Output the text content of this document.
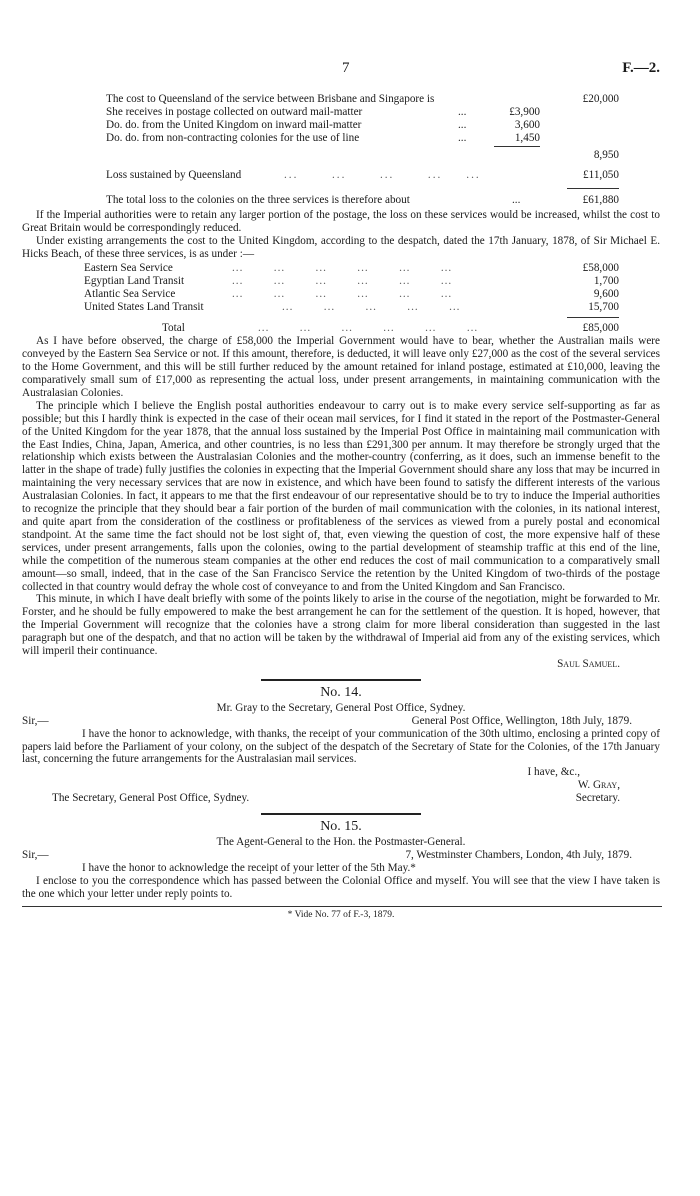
7	F.—2.
The cost to Queensland of the service between Brisbane and Singapore is	£20,000
She receives in postage collected on outward mail-matter	...	£3,900
Do. do. from the United Kingdom on inward mail-matter	...	3,600
Do. do. from non-contracting colonies for the use of line	...	1,450
8,950
Loss sustained by Queensland	...       ...       ...       ...     ...	£11,050
The total loss to the colonies on the three services is therefore about	...	£61,880

If the Imperial authorities were to retain any larger portion of the postage, the loss on these services would be increased, whilst the cost to Great Britain would be correspondingly reduced.

Under existing arrangements the cost to the United Kingdom, according to the despatch, dated the 17th January, 1878, of Sir Michael E. Hicks Beach, of these three services, is as under :—

Eastern Sea Service	...        ...        ...        ...        ...        ...	£58,000
Egyptian Land Transit	...        ...        ...        ...        ...        ...	1,700
Atlantic Sea Service	...        ...        ...        ...        ...        ...	9,600
United States Land Transit	...        ...        ...        ...        ...	15,700
Total	...        ...        ...        ...        ...        ...	£85,000

As I have before observed, the charge of £58,000 the Imperial Government would have to bear, whether the Australian mails were conveyed by the Eastern Sea Service or not. If this amount, therefore, is deducted, it will leave only £27,000 as the cost of the several services to the Home Government, and this will be still further reduced by the amount retained for inland postage, estimated at £10,000, leaving the comparatively small sum of £17,000 as representing the actual loss, under present arrangements, in maintaining communication with the Australasian Colonies.

The principle which I believe the English postal authorities endeavour to carry out is to make every service self-supporting as far as possible; but this I hardly think is expected in the case of their ocean mail services, for I find it stated in the report of the Postmaster-General of the United Kingdom for the year 1878, that the annual loss sustained by the Imperial Post Office in maintaining mail communication with the East Indies, China, Japan, America, and other countries, is no less than £291,300 per annum. It may therefore be strongly urged that the relationship which exists between the Australasian Colonies and the mother-country (conferring, as it does, such an immense benefit to the latter in the shape of trade) fully justifies the colonies in expecting that the Imperial Government should share any loss that may be incurred in maintaining the very necessary services that are now in existence, and which have been found to satisfy the different interests of the various Australasian Colonies. In fact, it appears to me that the first endeavour of our representative should be to try to induce the Imperial authorities to recognize the principle that they should bear a fair portion of the burden of mail communication with the colonies, in its national interest, and quite apart from the consideration of the costliness or profitableness of the services as viewed from a purely postal and economical standpoint. At the same time the fact should not be lost sight of, that, even viewing the question of cost, the more expensive half of these services, under present arrangements, falls upon the colonies, owing to the partial development of steamship traffic at this end of the line, while the competition of the numerous steam companies at the other end reduces the cost of mail communication to a comparatively small amount—so small, indeed, that in the case of the San Francisco Service the retention by the United Kingdom of two-thirds of the postage collected in that country would defray the whole cost of conveyance to and from the United Kingdom and San Francisco.

This minute, in which I have dealt briefly with some of the points likely to arise in the course of the negotiation, might be forwarded to Mr. Forster, and he should be fully empowered to make the best arrangement he can for the settlement of the question. It is hoped, however, that the Imperial Government will recognize that the colonies have a strong claim for more liberal consideration than suggested in the last paragraph but one of the despatch, and that no action will be taken by the withdrawal of Imperial aid from any of the existing services, which will imperil their continuance.

Saul Samuel.
No. 14.
Mr. Gray to the Secretary, General Post Office, Sydney.
Sir,—	General Post Office, Wellington, 18th July, 1879.

I have the honor to acknowledge, with thanks, the receipt of your communication of the 30th ultimo, enclosing a printed copy of papers laid before the Parliament of your colony, on the subject of the despatch of the Secretary of State for the Colonies, of the 17th January last, concerning the future arrangements for the Australasian mail services.

I have, &c.,
W. Gray,
The Secretary, General Post Office, Sydney.	Secretary.
No. 15.
The Agent-General to the Hon. the Postmaster-General.
Sir,—	7, Westminster Chambers, London, 4th July, 1879.

I have the honor to acknowledge the receipt of your letter of the 5th May.*

I enclose to you the correspondence which has passed between the Colonial Office and myself. You will see that the view I have taken is the one which your letter under reply points to.

* Vide No. 77 of F.-3, 1879.
